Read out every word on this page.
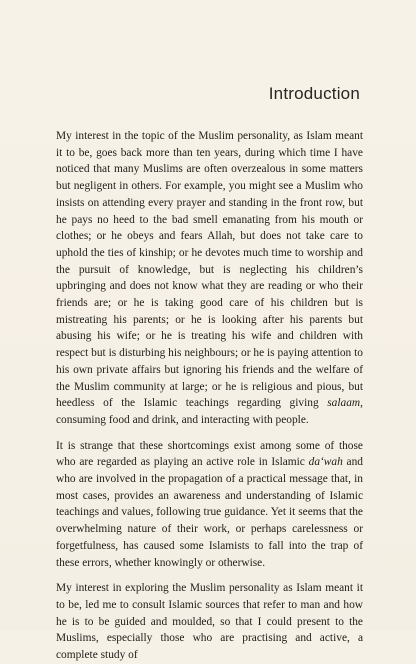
Introduction

My interest in the topic of the Muslim personality, as Islam meant it to be, goes back more than ten years, during which time I have noticed that many Muslims are often overzealous in some matters but negligent in others. For example, you might see a Muslim who insists on attending every prayer and standing in the front row, but he pays no heed to the bad smell emanating from his mouth or clothes; or he obeys and fears Allah, but does not take care to uphold the ties of kinship; or he devotes much time to worship and the pursuit of knowledge, but is neglecting his children’s upbringing and does not know what they are reading or who their friends are; or he is taking good care of his children but is mistreating his parents; or he is looking after his parents but abusing his wife; or he is treating his wife and children with respect but is disturbing his neighbours; or he is paying attention to his own private affairs but ignoring his friends and the welfare of the Muslim community at large; or he is religious and pious, but heedless of the Islamic teachings regarding giving salaam, consuming food and drink, and interacting with people.

It is strange that these shortcomings exist among some of those who are regarded as playing an active role in Islamic da‘wah and who are involved in the propagation of a practical message that, in most cases, provides an awareness and understanding of Islamic teachings and values, following true guidance. Yet it seems that the overwhelming nature of their work, or perhaps carelessness or forgetfulness, has caused some Islamists to fall into the trap of these errors, whether knowingly or otherwise.

My interest in exploring the Muslim personality as Islam meant it to be, led me to consult Islamic sources that refer to man and how he is to be guided and moulded, so that I could present to the Muslims, especially those who are practising and active, a complete study of
